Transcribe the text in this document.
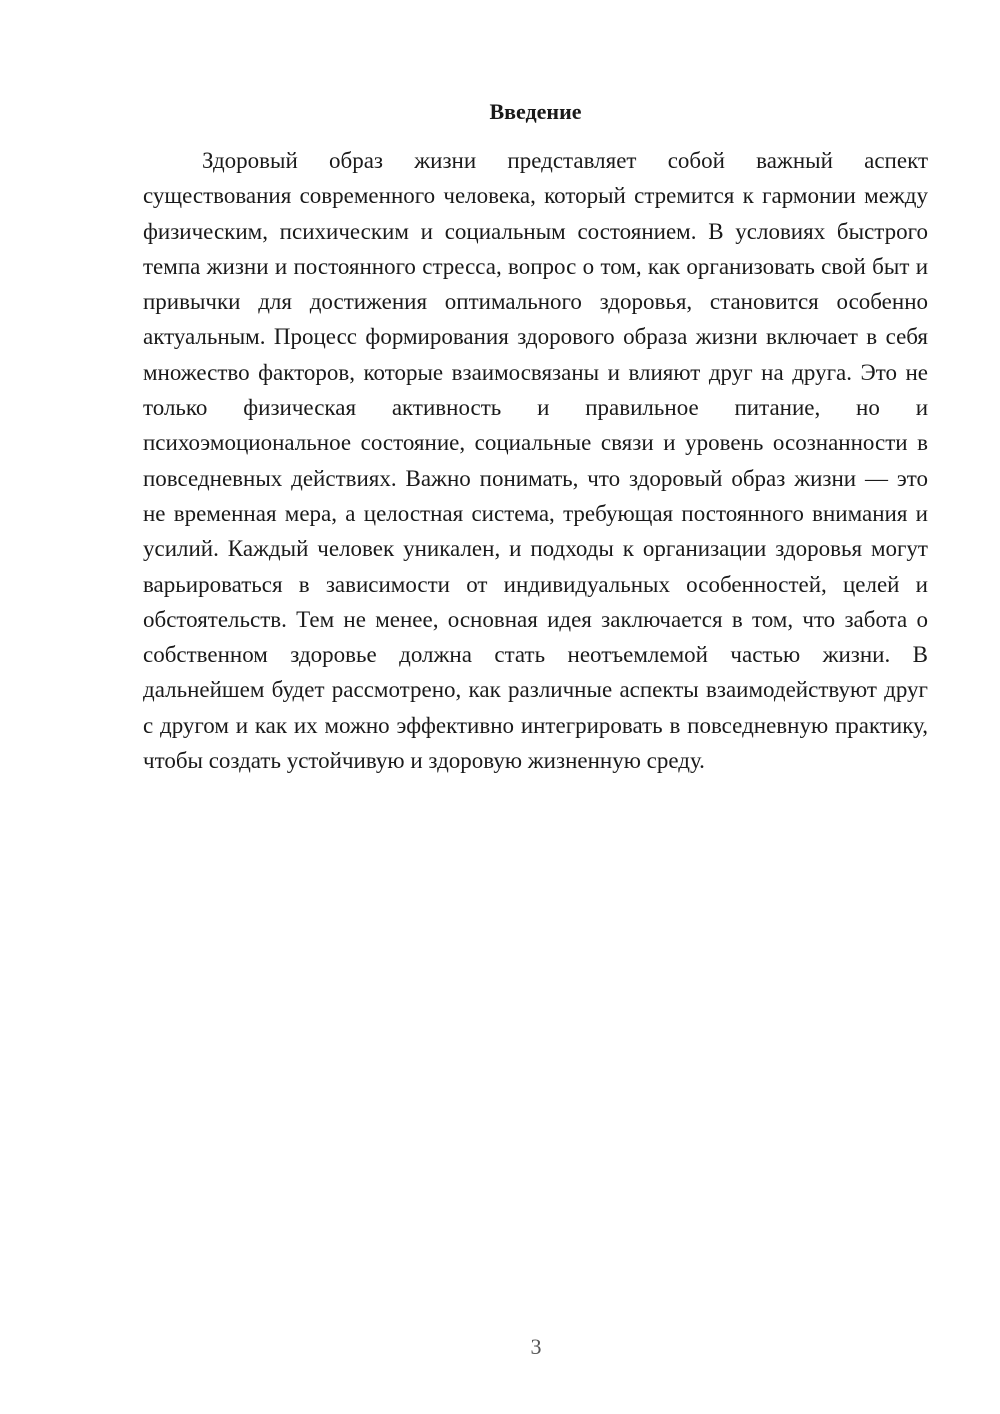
Введение

Здоровый образ жизни представляет собой важный аспект существования современного человека, который стремится к гармонии между физическим, психическим и социальным состоянием. В условиях быстрого темпа жизни и постоянного стресса, вопрос о том, как организовать свой быт и привычки для достижения оптимального здоровья, становится особенно актуальным. Процесс формирования здорового образа жизни включает в себя множество факторов, которые взаимосвязаны и влияют друг на друга. Это не только физическая активность и правильное питание, но и психоэмоциональное состояние, социальные связи и уровень осознанности в повседневных действиях. Важно понимать, что здоровый образ жизни — это не временная мера, а целостная система, требующая постоянного внимания и усилий. Каждый человек уникален, и подходы к организации здоровья могут варьироваться в зависимости от индивидуальных особенностей, целей и обстоятельств. Тем не менее, основная идея заключается в том, что забота о собственном здоровье должна стать неотъемлемой частью жизни. В дальнейшем будет рассмотрено, как различные аспекты взаимодействуют друг с другом и как их можно эффективно интегрировать в повседневную практику, чтобы создать устойчивую и здоровую жизненную среду.

3
